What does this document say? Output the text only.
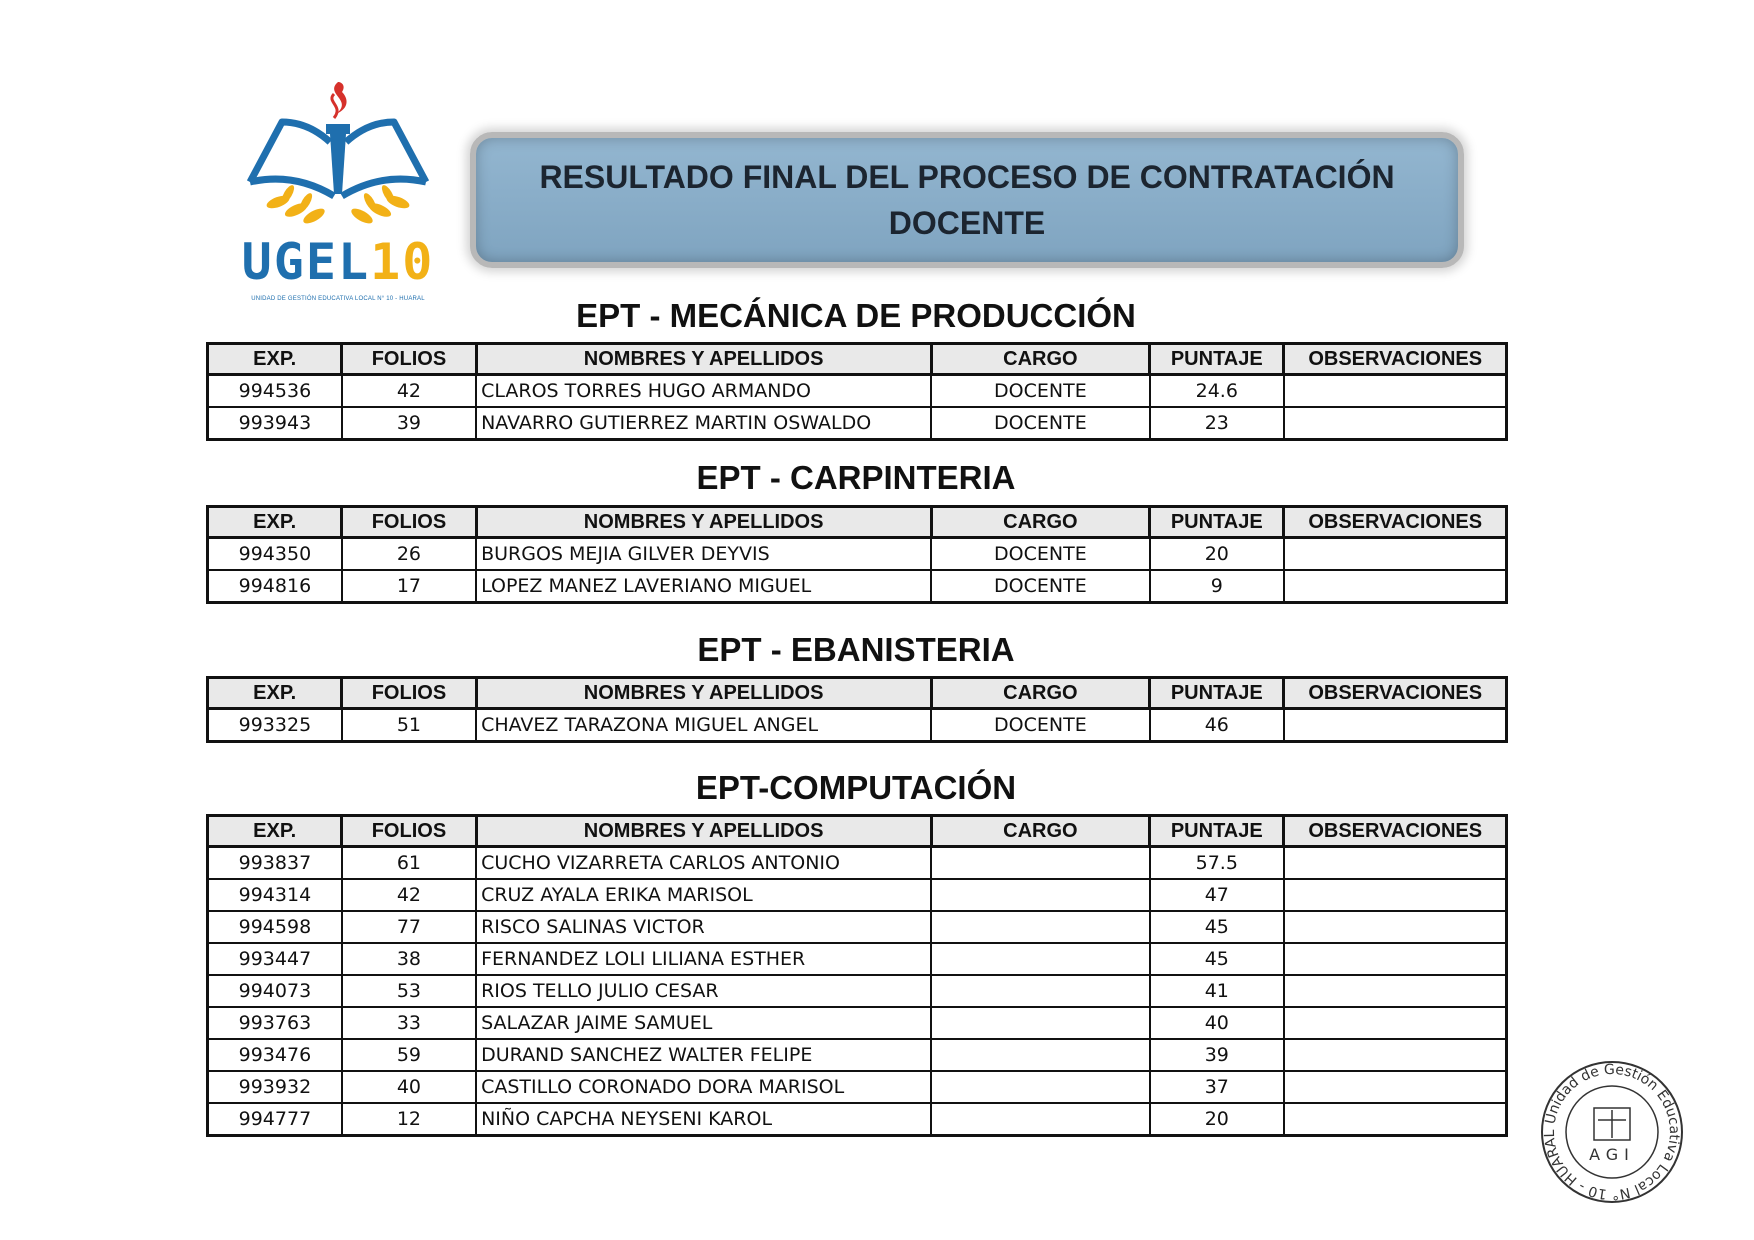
UGEL10
UNIDAD DE GESTIÓN EDUCATIVA LOCAL N° 10 - HUARAL
RESULTADO FINAL DEL PROCESO DE CONTRATACIÓN
DOCENTE
EPT - MECÁNICA DE PRODUCCIÓN
EXP.	FOLIOS	NOMBRES Y APELLIDOS	CARGO	PUNTAJE	OBSERVACIONES
994536	42	CLAROS TORRES HUGO ARMANDO	DOCENTE	24.6	
993943	39	NAVARRO GUTIERREZ MARTIN OSWALDO	DOCENTE	23	
EPT - CARPINTERIA
EXP.	FOLIOS	NOMBRES Y APELLIDOS	CARGO	PUNTAJE	OBSERVACIONES
994350	26	BURGOS MEJIA GILVER DEYVIS	DOCENTE	20	
994816	17	LOPEZ MANEZ LAVERIANO MIGUEL	DOCENTE	9	
EPT - EBANISTERIA
EXP.	FOLIOS	NOMBRES Y APELLIDOS	CARGO	PUNTAJE	OBSERVACIONES
993325	51	CHAVEZ TARAZONA MIGUEL ANGEL	DOCENTE	46	
EPT-COMPUTACIÓN
EXP.	FOLIOS	NOMBRES Y APELLIDOS	CARGO	PUNTAJE	OBSERVACIONES
993837	61	CUCHO VIZARRETA CARLOS ANTONIO		57.5	
994314	42	CRUZ AYALA ERIKA MARISOL		47	
994598	77	RISCO SALINAS VICTOR		45	
993447	38	FERNANDEZ LOLI LILIANA ESTHER		45	
994073	53	RIOS TELLO JULIO CESAR		41	
993763	33	SALAZAR JAIME SAMUEL		40	
993476	59	DURAND SANCHEZ WALTER FELIPE		39	
993932	40	CASTILLO CORONADO DORA MARISOL		37	
994777	12	NIÑO CAPCHA NEYSENI KAROL		20		Unidad de Gestión Educativa Local N° 10 - HUARAL
AGI
